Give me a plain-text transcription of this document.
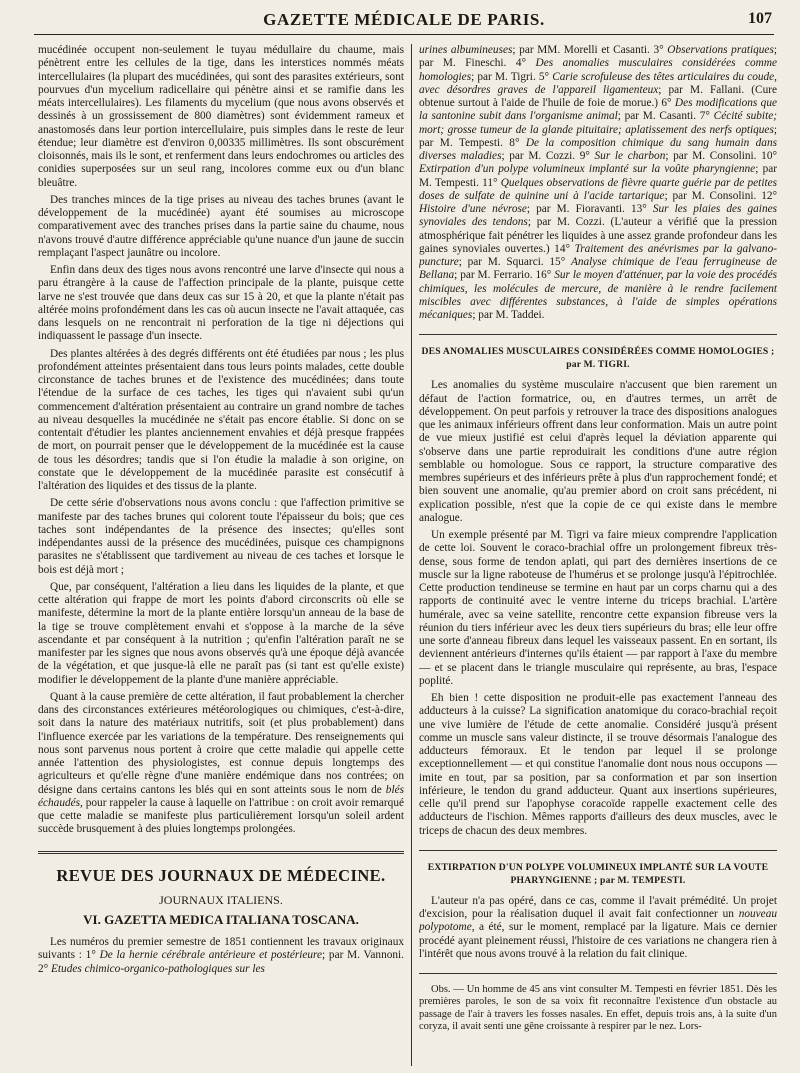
GAZETTE MÉDICALE DE PARIS.	107

mucédinée occupent non-seulement le tuyau médullaire du chaume, mais pénètrent entre les cellules de la tige, dans les interstices nommés méats intercellulaires (la plupart des mucédinées, qui sont des parasites extérieurs, sont pourvues d'un mycelium radicellaire qui pénètre ainsi et se ramifie dans les méats intercellulaires). Les filaments du mycelium (que nous avons observés et dessinés à un grossissement de 800 diamètres) sont évidemment rameux et anastomosés dans leur portion intercellulaire, puis simples dans le reste de leur étendue; leur diamètre est d'environ 0,00335 millimètres. Ils sont obscurément cloisonnés, mais ils le sont, et renferment dans leurs endochromes ou articles des conidies superposées sur un seul rang, incolores comme eux ou d'un blanc bleuâtre.

Des tranches minces de la tige prises au niveau des taches brunes (avant le développement de la mucédinée) ayant été soumises au microscope comparativement avec des tranches prises dans la partie saine du chaume, nous n'avons trouvé d'autre différence appréciable qu'une nuance d'un jaune de succin remplaçant l'aspect jaunâtre ou incolore.

Enfin dans deux des tiges nous avons rencontré une larve d'insecte qui nous a paru étrangère à la cause de l'affection principale de la plante, puisque cette larve ne s'est trouvée que dans deux cas sur 15 à 20, et que la plante n'était pas altérée moins profondément dans les cas où aucun insecte ne l'avait attaquée, cas dans lesquels on ne rencontrait ni perforation de la tige ni déjections qui indiquassent le passage d'un insecte.

Des plantes altérées à des degrés différents ont été étudiées par nous ; les plus profondément atteintes présentaient dans tous leurs points malades, cette double circonstance de taches brunes et de l'existence des mucédinées; dans toute l'étendue de la surface de ces taches, les tiges qui n'avaient subi qu'un commencement d'altération présentaient au contraire un grand nombre de taches au niveau desquelles la mucédinée ne s'était pas encore établie. Si donc on se contentait d'étudier les plantes anciennement envahies et déjà presque frappées de mort, on pourrait penser que le développement de la mucédinée est la cause de tous les désordres; tandis que si l'on étudie la maladie à son origine, on constate que le développement de la mucédinée parasite est consécutif à l'altération des liquides et des tissus de la plante.

De cette série d'observations nous avons conclu : que l'affection primitive se manifeste par des taches brunes qui colorent toute l'épaisseur du bois; que ces taches sont indépendantes de la présence des insectes; qu'elles sont indépendantes aussi de la présence des mucédinées, puisque ces champignons parasites ne s'établissent que tardivement au niveau de ces taches et lorsque le bois est déjà mort ;

Que, par conséquent, l'altération a lieu dans les liquides de la plante, et que cette altération qui frappe de mort les points d'abord circonscrits où elle se manifeste, détermine la mort de la plante entière lorsqu'un anneau de la base de la tige se trouve complètement envahi et s'oppose à la marche de la séve ascendante et par conséquent à la nutrition ; qu'enfin l'altération paraît ne se manifester par les signes que nous avons observés qu'à une époque déjà avancée de la végétation, et que jusque-là elle ne paraît pas (si tant est qu'elle existe) modifier le développement de la plante d'une manière appréciable.

Quant à la cause première de cette altération, il faut probablement la chercher dans des circonstances extérieures météorologiques ou chimiques, c'est-à-dire, soit dans la nature des matériaux nutritifs, soit (et plus probablement) dans l'influence exercée par les variations de la température. Des renseignements qui nous sont parvenus nous portent à croire que cette maladie qui appelle cette année l'attention des physiologistes, est connue depuis longtemps des agriculteurs et qu'elle règne d'une manière endémique dans nos contrées; on désigne dans certains cantons les blés qui en sont atteints sous le nom de blés échaudés, pour rappeler la cause à laquelle on l'attribue : on croit avoir remarqué que cette maladie se manifeste plus particulièrement lorsqu'un soleil ardent succède brusquement à des pluies longtemps prolongées.

REVUE DES JOURNAUX DE MÉDECINE.
JOURNAUX ITALIENS.
VI. GAZETTA MEDICA ITALIANA TOSCANA.

Les numéros du premier semestre de 1851 contiennent les travaux originaux suivants : 1° De la hernie cérébrale antérieure et postérieure; par M. Vannoni. 2° Etudes chimico-organico-pathologiques sur les

urines albumineuses; par MM. Morelli et Casanti. 3° Observations pratiques; par M. Fineschi. 4° Des anomalies musculaires considérées comme homologies; par M. Tigri. 5° Carie scrofuleuse des têtes articulaires du coude, avec désordres graves de l'appareil ligamenteux; par M. Fallani. (Cure obtenue surtout à l'aide de l'huile de foie de morue.) 6° Des modifications que la santonine subit dans l'organisme animal; par M. Casanti. 7° Cécité subite; mort; grosse tumeur de la glande pituitaire; aplatissement des nerfs optiques; par M. Tempesti. 8° De la composition chimique du sang humain dans diverses maladies; par M. Cozzi. 9° Sur le charbon; par M. Consolini. 10° Extirpation d'un polype volumineux implanté sur la voûte pharyngienne; par M. Tempesti. 11° Quelques observations de fièvre quarte guérie par de petites doses de sulfate de quinine uni à l'acide tartarique; par M. Consolini. 12° Histoire d'une névrose; par M. Fioravanti. 13° Sur les plaies des gaines synoviales des tendons; par M. Cozzi. (L'auteur a vérifié que la pression atmosphérique fait pénétrer les liquides à une assez grande profondeur dans les gaines synoviales ouvertes.) 14° Traitement des anévrismes par la galvano-puncture; par M. Squarci. 15° Analyse chimique de l'eau ferrugineuse de Bellana; par M. Ferrario. 16° Sur le moyen d'atténuer, par la voie des procédés chimiques, les molécules de mercure, de manière à le rendre facilement miscibles avec différentes substances, à l'aide de simples opérations mécaniques; par M. Taddei.

DES ANOMALIES MUSCULAIRES CONSIDÉRÉES COMME HOMOLOGIES ;
par M. TIGRI.

Les anomalies du système musculaire n'accusent que bien rarement un défaut de l'action formatrice, ou, en d'autres termes, un arrêt de développement. On peut parfois y retrouver la trace des dispositions analogues que les animaux inférieurs offrent dans leur conformation. Mais un autre point de vue mieux justifié est celui d'après lequel la déviation apparente qui s'observe dans une partie reproduirait les conditions d'une autre région semblable ou homologue. Sous ce rapport, la structure comparative des membres supérieurs et des inférieurs prête à plus d'un rapprochement fondé; et bien souvent une anomalie, qu'au premier abord on croit sans précédent, ni explication possible, n'est que la copie de ce qui existe dans le membre analogue.

Un exemple présenté par M. Tigri va faire mieux comprendre l'application de cette loi. Souvent le coraco-brachial offre un prolongement fibreux très-dense, sous forme de tendon aplati, qui part des dernières insertions de ce muscle sur la ligne raboteuse de l'humérus et se prolonge jusqu'à l'épitrochlée. Cette production tendineuse se termine en haut par un corps charnu qui a des rapports de continuité avec le ventre interne du triceps brachial. L'artère humérale, avec sa veine satellite, rencontre cette expansion fibreuse vers la réunion du tiers inférieur avec les deux tiers supérieurs du bras; elle leur offre une sorte d'anneau fibreux dans lequel les vaisseaux passent. En en sortant, ils deviennent antérieurs d'internes qu'ils étaient — par rapport à l'axe du membre — et se placent dans le triangle musculaire qui représente, au bras, l'espace poplité.

Eh bien ! cette disposition ne produit-elle pas exactement l'anneau des adducteurs à la cuisse? La signification anatomique du coraco-brachial reçoit une vive lumière de l'étude de cette anomalie. Considéré jusqu'à présent comme un muscle sans valeur distincte, il se trouve désormais l'analogue des adducteurs fémoraux. Et le tendon par lequel il se prolonge exceptionnellement — et qui constitue l'anomalie dont nous nous occupons — imite en tout, par sa position, par sa conformation et par son insertion inférieure, le tendon du grand adducteur. Quant aux insertions supérieures, celle qu'il prend sur l'apophyse coracoïde rappelle exactement celle des adducteurs de l'ischion. Mêmes rapports d'ailleurs des deux muscles, avec le triceps de chacun des deux membres.

EXTIRPATION D'UN POLYPE VOLUMINEUX IMPLANTÉ SUR LA VOUTE PHARYNGIENNE ; par M. TEMPESTI.

L'auteur n'a pas opéré, dans ce cas, comme il l'avait prémédité. Un projet d'excision, pour la réalisation duquel il avait fait confectionner un nouveau polypotome, a été, sur le moment, remplacé par la ligature. Mais ce dernier procédé ayant pleinement réussi, l'histoire de ces variations ne changera rien à l'intérêt que nous avons trouvé à la relation du fait clinique.

Obs. — Un homme de 45 ans vint consulter M. Tempesti en février 1851. Dès les premières paroles, le son de sa voix fit reconnaître l'existence d'un obstacle au passage de l'air à travers les fosses nasales. En effet, depuis trois ans, à la suite d'un coryza, il avait senti une gêne croissante à respirer par le nez. Lors-
